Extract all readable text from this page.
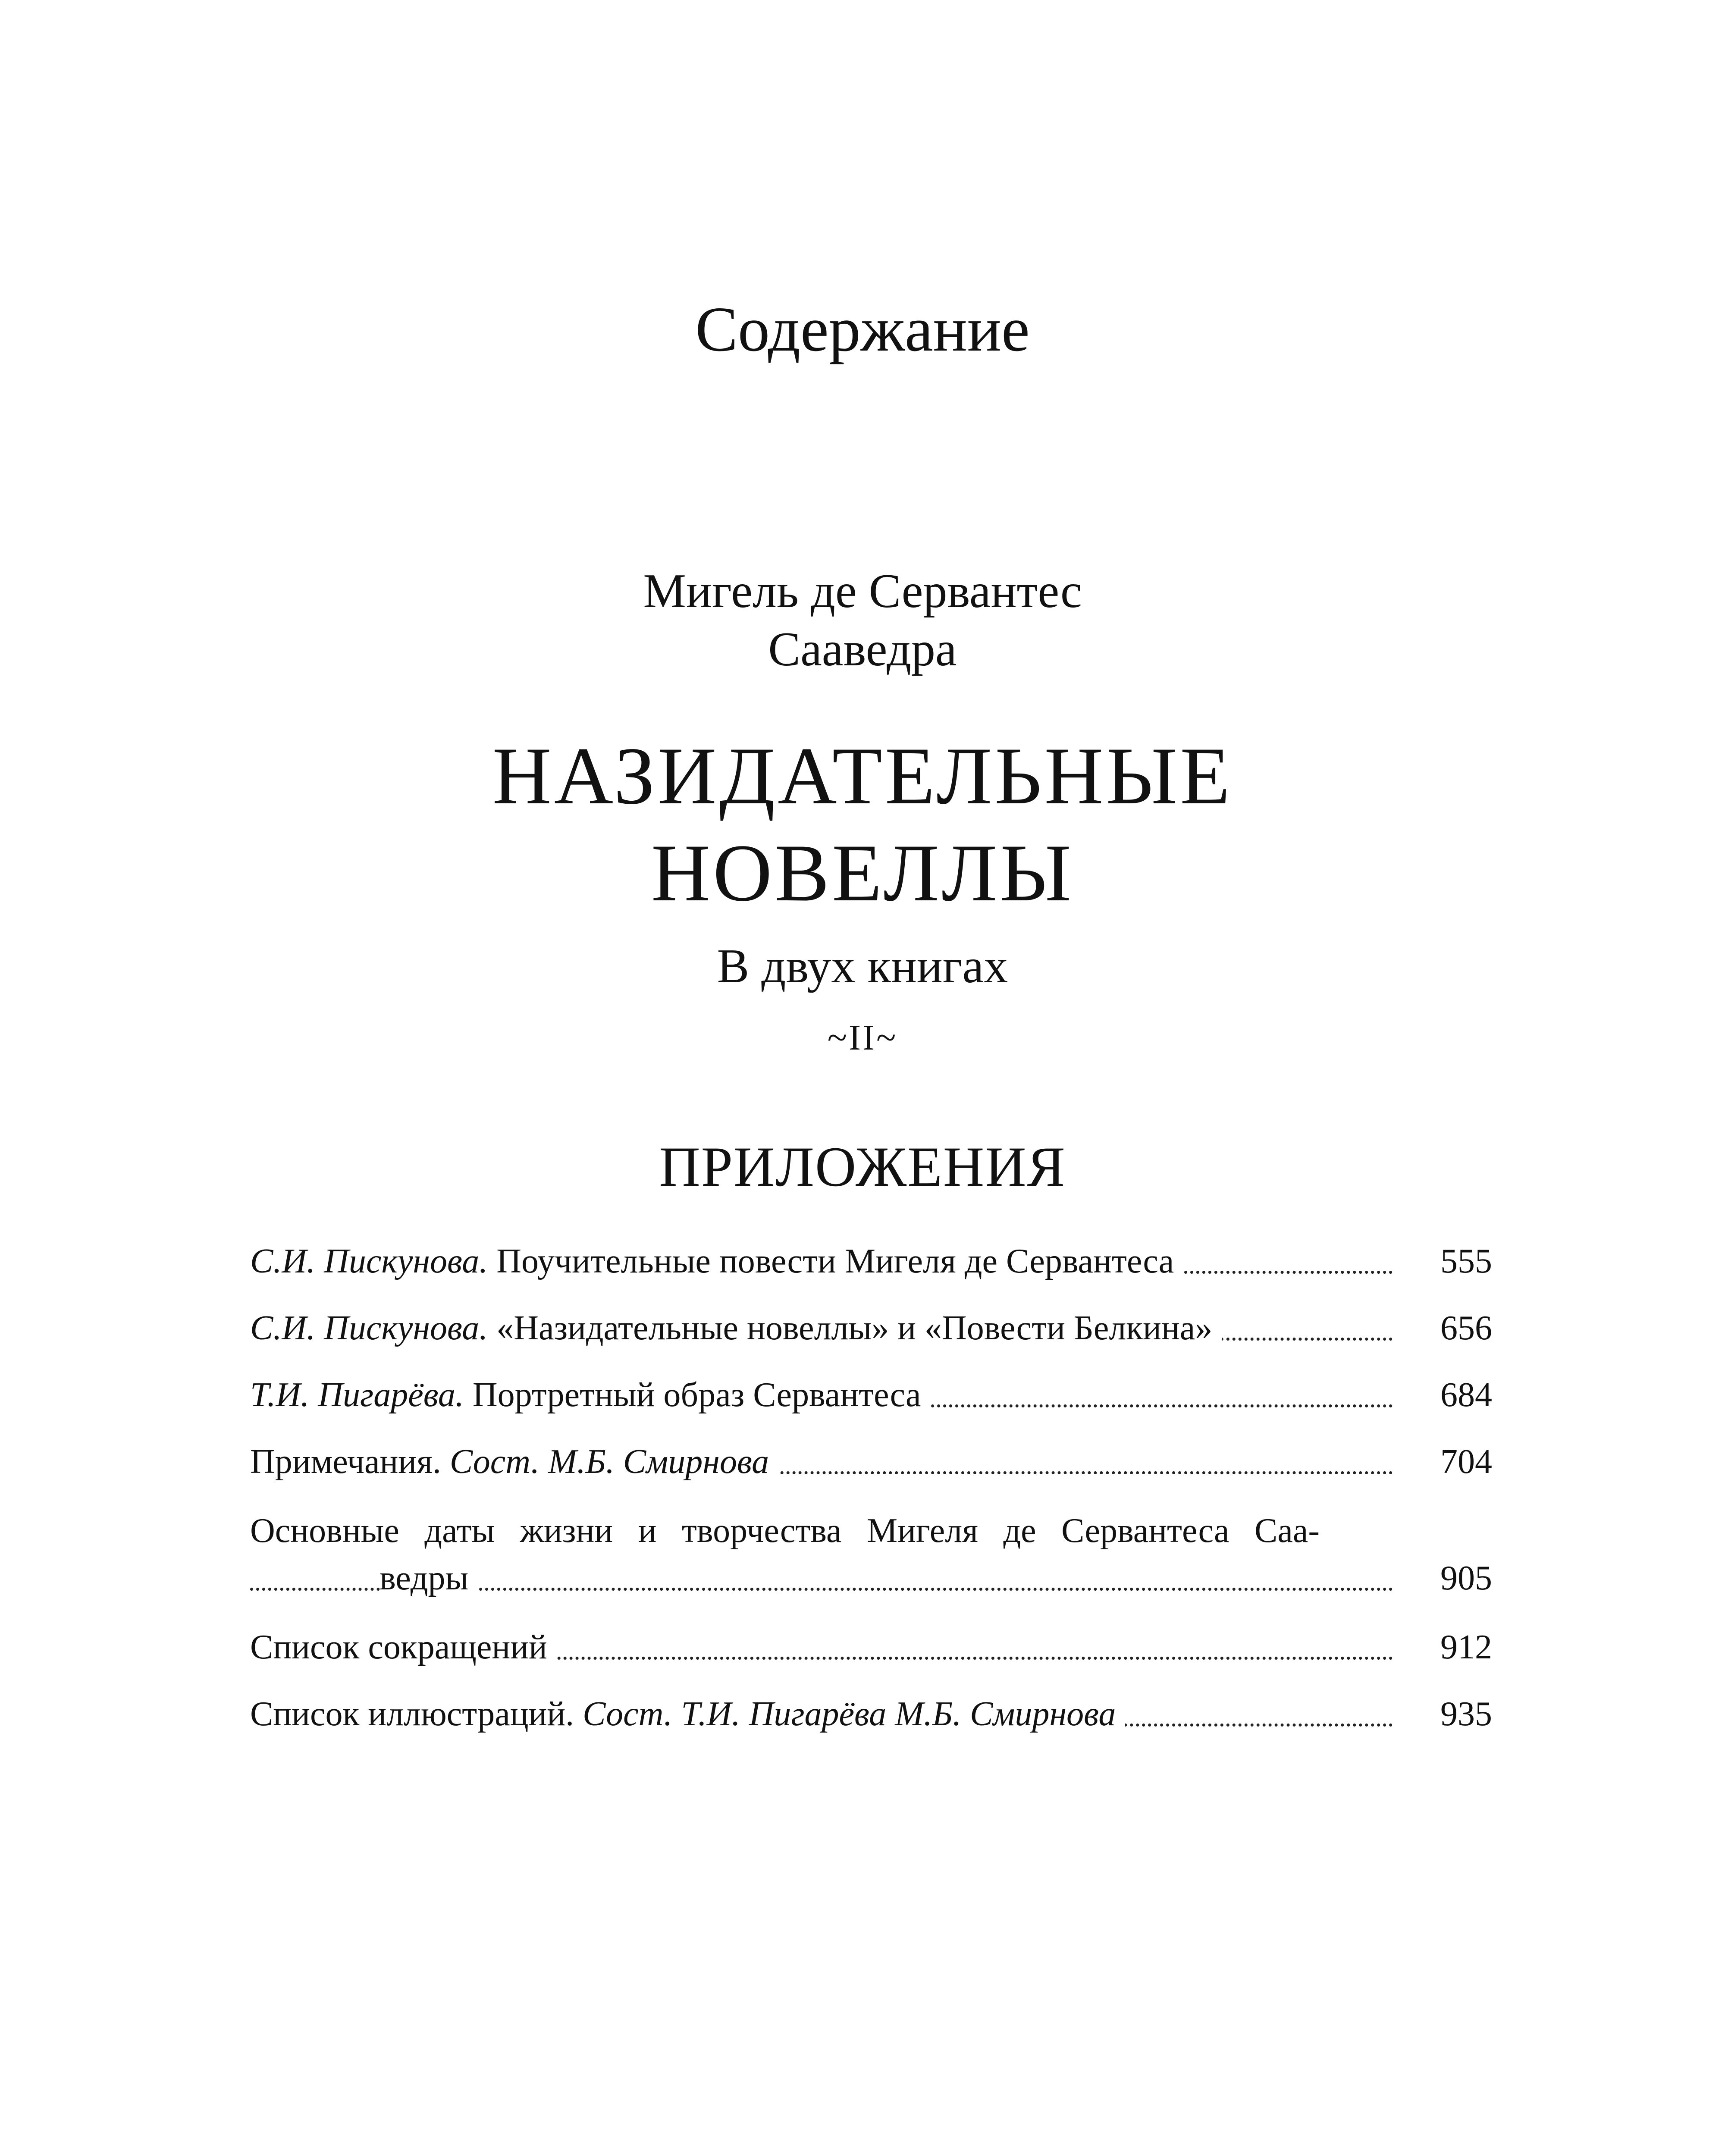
Содержание
Мигель де Сервантес
Сааведра
НАЗИДАТЕЛЬНЫЕ
НОВЕЛЛЫ
В двух книгах
~II~
ПРИЛОЖЕНИЯ
С.И. Пискунова. Поучительные повести Мигеля де Сервантеса	555
С.И. Пискунова. «Назидательные новеллы» и «Повести Белкина»	656
Т.И. Пигарёва. Портретный образ Сервантеса	684
Примечания. Сост. М.Б. Смирнова	704
Основные даты жизни и творчества Мигеля де Сервантеса Саа-
ведры	905
Список сокращений	912
Список иллюстраций. Сост. Т.И. Пигарёва М.Б. Смирнова	935
